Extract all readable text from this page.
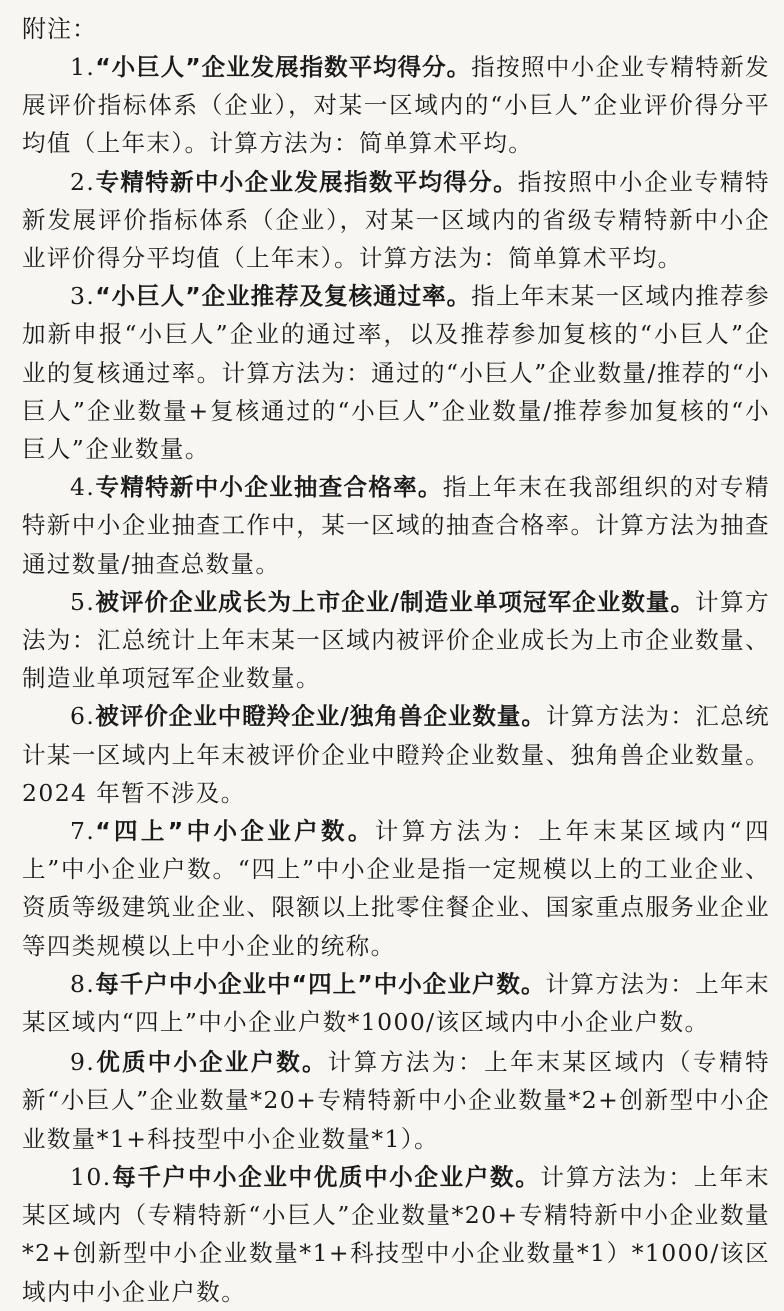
附注：

1.“小巨人”企业发展指数平均得分。指按照中小企业专精特新发展评价指标体系（企业），对某一区域内的“小巨人”企业评价得分平均值（上年末）。计算方法为：简单算术平均。

2.专精特新中小企业发展指数平均得分。指按照中小企业专精特新发展评价指标体系（企业），对某一区域内的省级专精特新中小企业评价得分平均值（上年末）。计算方法为：简单算术平均。

3.“小巨人”企业推荐及复核通过率。指上年末某一区域内推荐参加新申报“小巨人”企业的通过率，以及推荐参加复核的“小巨人”企业的复核通过率。计算方法为：通过的“小巨人”企业数量/推荐的“小巨人”企业数量+复核通过的“小巨人”企业数量/推荐参加复核的“小巨人”企业数量。

4.专精特新中小企业抽查合格率。指上年末在我部组织的对专精特新中小企业抽查工作中，某一区域的抽查合格率。计算方法为抽查通过数量/抽查总数量。

5.被评价企业成长为上市企业/制造业单项冠军企业数量。计算方法为：汇总统计上年末某一区域内被评价企业成长为上市企业数量、制造业单项冠军企业数量。

6.被评价企业中瞪羚企业/独角兽企业数量。计算方法为：汇总统计某一区域内上年末被评价企业中瞪羚企业数量、独角兽企业数量。2024 年暂不涉及。

7.“四上”中小企业户数。计算方法为：上年末某区域内“四上”中小企业户数。“四上”中小企业是指一定规模以上的工业企业、资质等级建筑业企业、限额以上批零住餐企业、国家重点服务业企业等四类规模以上中小企业的统称。

8.每千户中小企业中“四上”中小企业户数。计算方法为：上年末某区域内“四上”中小企业户数*1000/该区域内中小企业户数。

9.优质中小企业户数。计算方法为：上年末某区域内（专精特新“小巨人”企业数量*20+专精特新中小企业数量*2+创新型中小企业数量*1+科技型中小企业数量*1）。

10.每千户中小企业中优质中小企业户数。计算方法为：上年末某区域内（专精特新“小巨人”企业数量*20+专精特新中小企业数量*2+创新型中小企业数量*1+科技型中小企业数量*1）*1000/该区域内中小企业户数。
